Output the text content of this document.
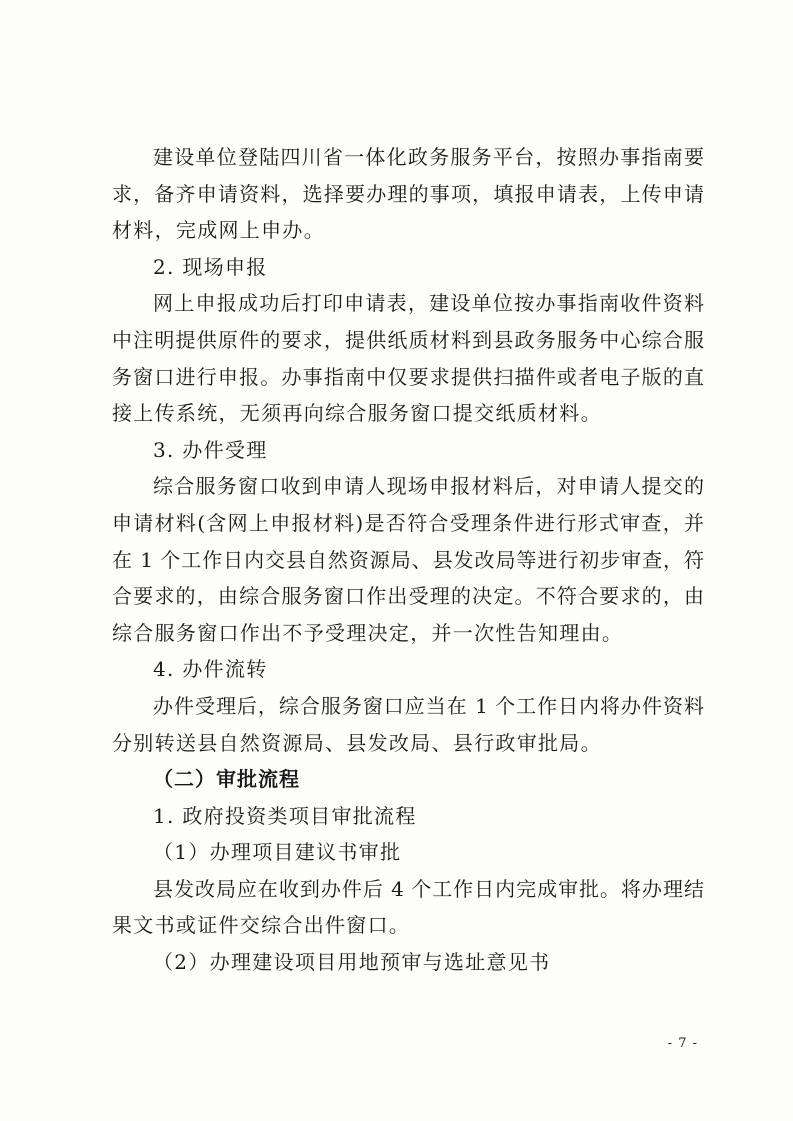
建设单位登陆四川省一体化政务服务平台，按照办事指南要
求，备齐申请资料，选择要办理的事项，填报申请表，上传申请
材料，完成网上申办。
2. 现场申报
网上申报成功后打印申请表，建设单位按办事指南收件资料
中注明提供原件的要求，提供纸质材料到县政务服务中心综合服
务窗口进行申报。办事指南中仅要求提供扫描件或者电子版的直
接上传系统，无须再向综合服务窗口提交纸质材料。
3. 办件受理
综合服务窗口收到申请人现场申报材料后，对申请人提交的
申请材料(含网上申报材料)是否符合受理条件进行形式审查，并
在 1 个工作日内交县自然资源局、县发改局等进行初步审查，符
合要求的，由综合服务窗口作出受理的决定。不符合要求的，由
综合服务窗口作出不予受理决定，并一次性告知理由。
4. 办件流转
办件受理后，综合服务窗口应当在 1 个工作日内将办件资料
分别转送县自然资源局、县发改局、县行政审批局。
（二）审批流程
1. 政府投资类项目审批流程
（1）办理项目建议书审批
县发改局应在收到办件后 4 个工作日内完成审批。将办理结
果文书或证件交综合出件窗口。
（2）办理建设项目用地预审与选址意见书
- 7 -
